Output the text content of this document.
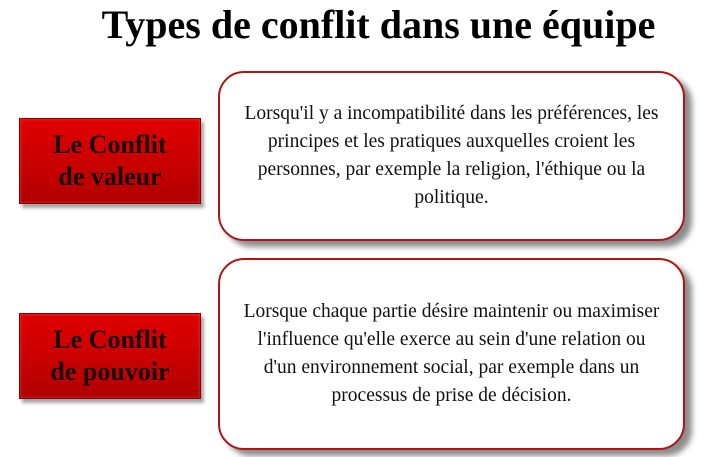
Types de conflit dans une équipe
Le Conflit
de valeur
Lorsqu'il y a incompatibilité dans les préférences, les principes et les pratiques auxquelles croient les personnes, par exemple la religion, l'éthique ou la politique.
Le Conflit
de pouvoir
Lorsque chaque partie désire maintenir ou maximiser l'influence qu'elle exerce au sein d'une relation ou d'un environnement social, par exemple dans un processus de prise de décision.
